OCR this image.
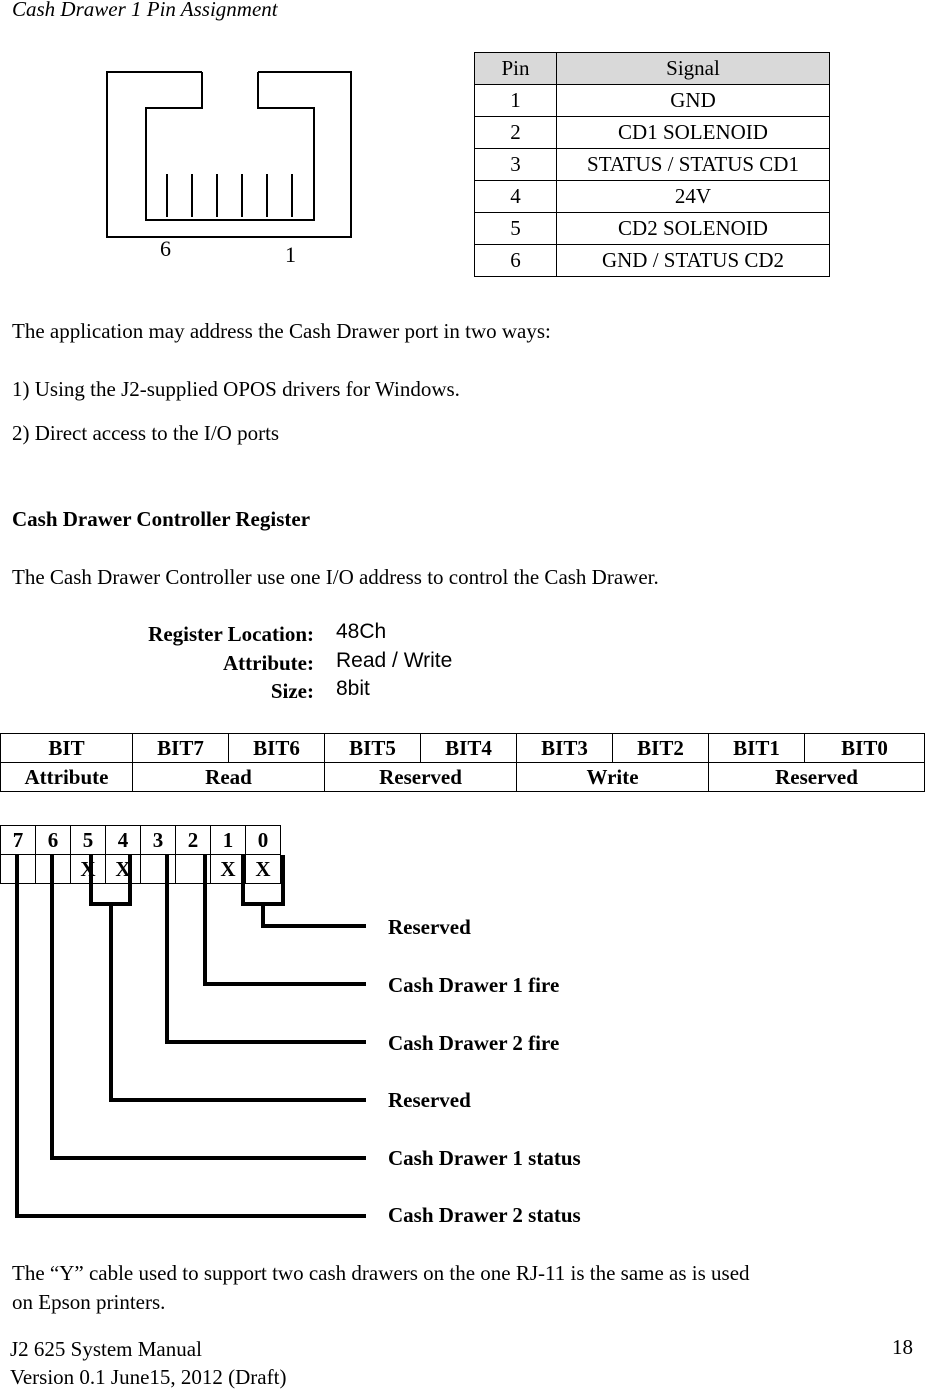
Cash Drawer 1 Pin Assignment
6	1
Pin	Signal
1	GND
2	CD1 SOLENOID
3	STATUS / STATUS CD1
4	24V
5	CD2 SOLENOID
6	GND / STATUS CD2
The application may address the Cash Drawer port in two ways:
1) Using the J2-supplied OPOS drivers for Windows.
2) Direct access to the I/O ports
Cash Drawer Controller Register
The Cash Drawer Controller use one I/O address to control the Cash Drawer.
Register Location: 48Ch
Attribute: Read / Write
Size: 8bit
BIT	BIT7	BIT6	BIT5	BIT4	BIT3	BIT2	BIT1	BIT0
Attribute	Read		Reserved		Write		Reserved	
7	6	5	4	3	2	1	0
		X	X			X	X
Reserved
Cash Drawer 1 fire
Cash Drawer 2 fire
Reserved
Cash Drawer 1 status
Cash Drawer 2 status
The “Y” cable used to support two cash drawers on the one RJ-11 is the same as is used
on Epson printers.
J2 625 System Manual
Version 0.1 June15, 2012 (Draft)
18
